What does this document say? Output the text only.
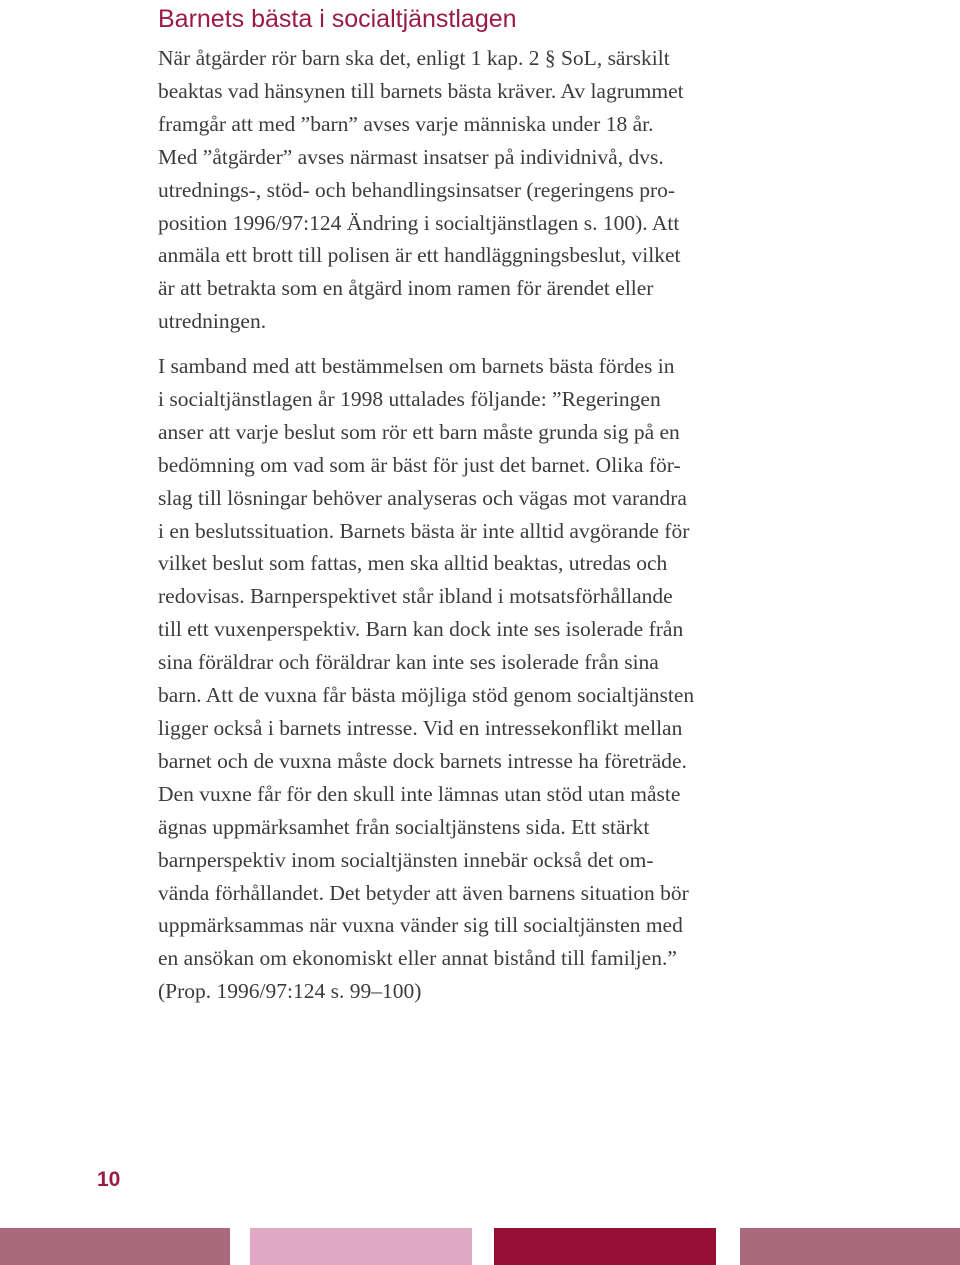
Barnets bästa i socialtjänstlagen

När åtgärder rör barn ska det, enligt 1 kap. 2 § SoL, särskilt
beaktas vad hänsynen till barnets bästa kräver. Av lagrummet
framgår att med ”barn” avses varje människa under 18 år.
Med ”åtgärder” avses närmast insatser på individnivå, dvs.
utrednings-, stöd- och behandlingsinsatser (regeringens pro-
position 1996/97:124 Ändring i socialtjänstlagen s. 100). Att
anmäla ett brott till polisen är ett handläggningsbeslut, vilket
är att betrakta som en åtgärd inom ramen för ärendet eller
utredningen.

I samband med att bestämmelsen om barnets bästa fördes in
i socialtjänstlagen år 1998 uttalades följande: ”Regeringen
anser att varje beslut som rör ett barn måste grunda sig på en
bedömning om vad som är bäst för just det barnet. Olika för-
slag till lösningar behöver analyseras och vägas mot varandra
i en beslutssituation. Barnets bästa är inte alltid avgörande för
vilket beslut som fattas, men ska alltid beaktas, utredas och
redovisas. Barnperspektivet står ibland i motsatsförhållande
till ett vuxenperspektiv. Barn kan dock inte ses isolerade från
sina föräldrar och föräldrar kan inte ses isolerade från sina
barn. Att de vuxna får bästa möjliga stöd genom socialtjänsten
ligger också i barnets intresse. Vid en intressekonflikt mellan
barnet och de vuxna måste dock barnets intresse ha företräde.
Den vuxne får för den skull inte lämnas utan stöd utan måste
ägnas uppmärksamhet från socialtjänstens sida. Ett stärkt
barnperspektiv inom socialtjänsten innebär också det om-
vända förhållandet. Det betyder att även barnens situation bör
uppmärksammas när vuxna vänder sig till socialtjänsten med
en ansökan om ekonomiskt eller annat bistånd till familjen.”
(Prop. 1996/97:124 s. 99–100)

10
